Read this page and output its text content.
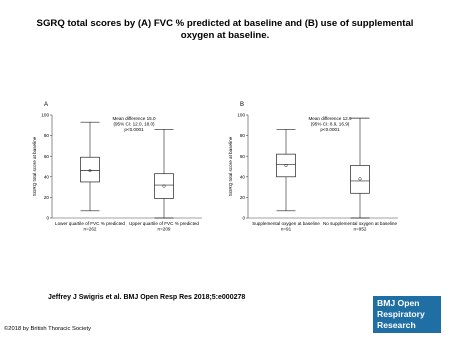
SGRQ total scores by (A) FVC % predicted at baseline and (B) use of supplemental oxygen at baseline.
A
0
20
40
60
80
100
SGRQ total score at baseline
Mean difference 15.0
(95% CI: 12.0, 18.0)
p<0.0001
Lower quartile of FVC % predicted
n=262
Upper quartile of FVC % predicted
n=209
B
0
20
40
60
80
100
SGRQ total score at baseline
Mean difference 12.9
(95% CI: 8.9, 16.9)
p<0.0001
Supplemental oxygen at baseline
n=91
No supplemental oxygen at baseline
n=952
Jeffrey J Swigris et al. BMJ Open Resp Res 2018;5:e000278
©2018 by British Thoracic Society
BMJ Open
Respiratory
Research
